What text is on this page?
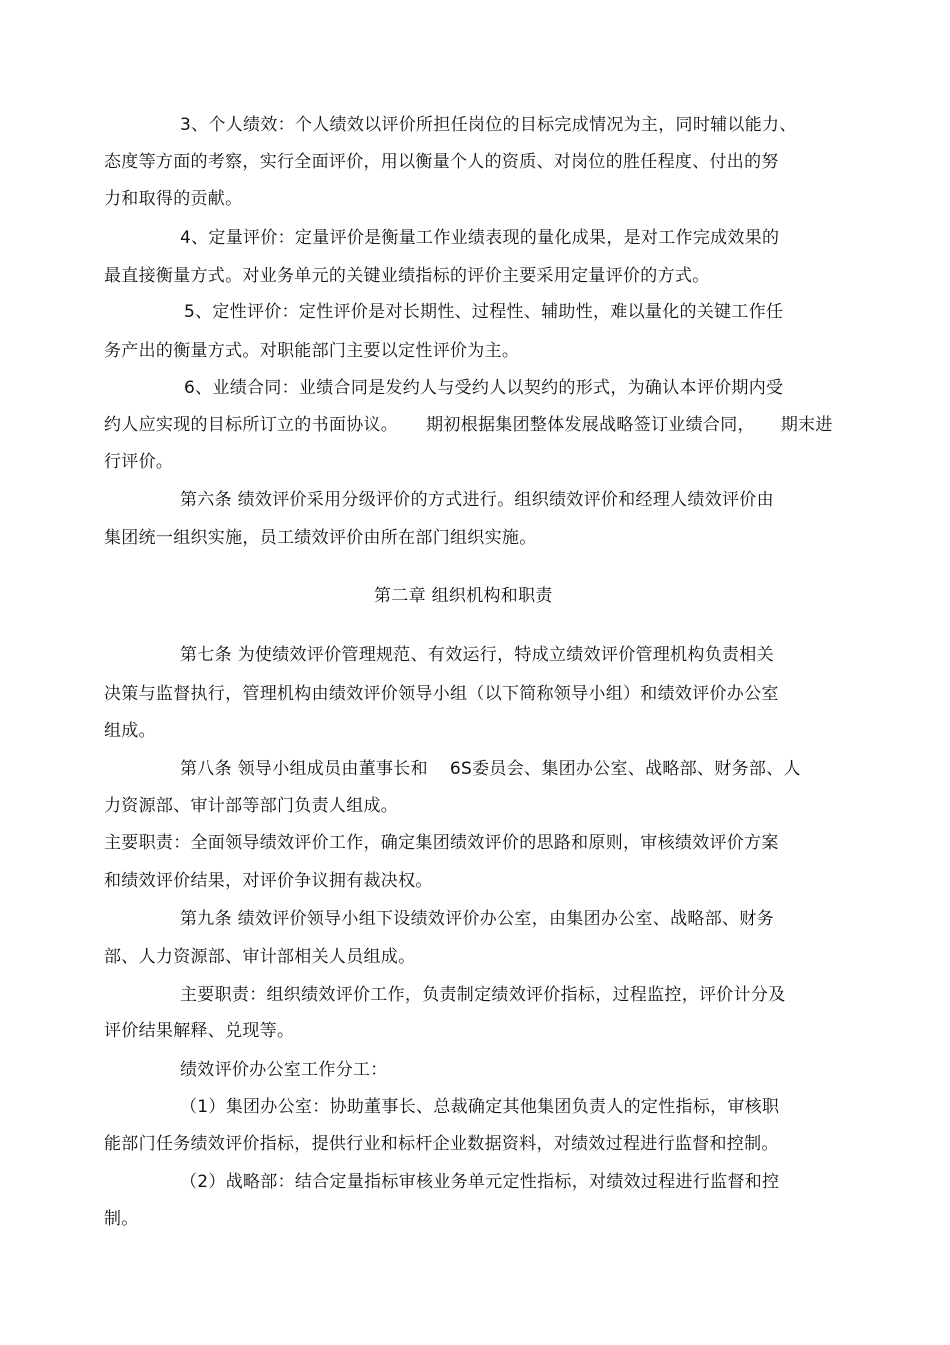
3、个人绩效：个人绩效以评价所担任岗位的目标完成情况为主，同时辅以能力、
态度等方面的考察，实行全面评价，用以衡量个人的资质、对岗位的胜任程度、付出的努
力和取得的贡献。
4、定量评价：定量评价是衡量工作业绩表现的量化成果，是对工作完成效果的
最直接衡量方式。对业务单元的关键业绩指标的评价主要采用定量评价的方式。
5、定性评价：定性评价是对长期性、过程性、辅助性，难以量化的关键工作任
务产出的衡量方式。对职能部门主要以定性评价为主。
6、业绩合同：业绩合同是发约人与受约人以契约的形式，为确认本评价期内受
约人应实现的目标所订立的书面协议。 期初根据集团整体发展战略签订业绩合同， 期末进
行评价。
第六条 绩效评价采用分级评价的方式进行。组织绩效评价和经理人绩效评价由
集团统一组织实施，员工绩效评价由所在部门组织实施。
第二章 组织机构和职责
第七条 为使绩效评价管理规范、有效运行，特成立绩效评价管理机构负责相关
决策与监督执行，管理机构由绩效评价领导小组（以下简称领导小组）和绩效评价办公室
组成。
第八条 领导小组成员由董事长和 6S委员会、集团办公室、战略部、财务部、人
力资源部、审计部等部门负责人组成。
主要职责：全面领导绩效评价工作，确定集团绩效评价的思路和原则，审核绩效评价方案
和绩效评价结果，对评价争议拥有裁决权。
第九条 绩效评价领导小组下设绩效评价办公室，由集团办公室、战略部、财务
部、人力资源部、审计部相关人员组成。
主要职责：组织绩效评价工作，负责制定绩效评价指标，过程监控，评价计分及
评价结果解释、兑现等。
绩效评价办公室工作分工：
（1）集团办公室：协助董事长、总裁确定其他集团负责人的定性指标，审核职
能部门任务绩效评价指标，提供行业和标杆企业数据资料，对绩效过程进行监督和控制。
（2）战略部：结合定量指标审核业务单元定性指标，对绩效过程进行监督和控
制。
